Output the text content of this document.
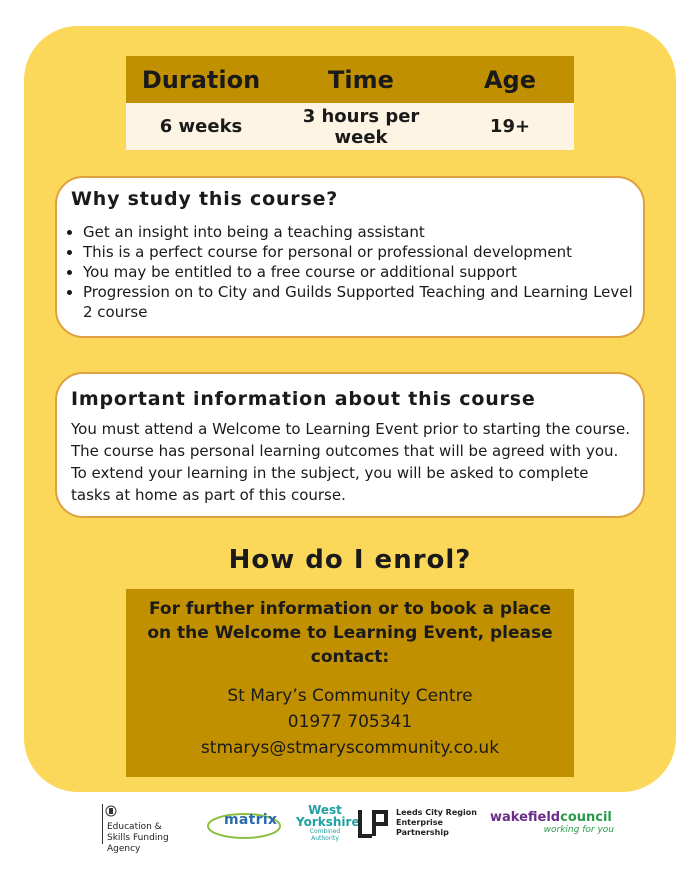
Duration	Time	Age
6 weeks	3 hours per week	19+
Why study this course?
• Get an insight into being a teaching assistant
• This is a perfect course for personal or professional development
• You may be entitled to a free course or additional support
• Progression on to City and Guilds Supported Teaching and Learning Level 2 course
Important information about this course

You must attend a Welcome to Learning Event prior to starting the course. The course has personal learning outcomes that will be agreed with you. To extend your learning in the subject, you will be asked to complete tasks at home as part of this course.

How do I enrol?
For further information or to book a place on the Welcome to Learning Event, please contact:
St Mary’s Community Centre
01977 705341
stmarys@stmaryscommunity.co.uk
Education & Skills Funding Agency
matrix
West
Yorkshire
Combined Authority
Leeds City Region
Enterprise
Partnership
wakefieldcouncil
working for you
